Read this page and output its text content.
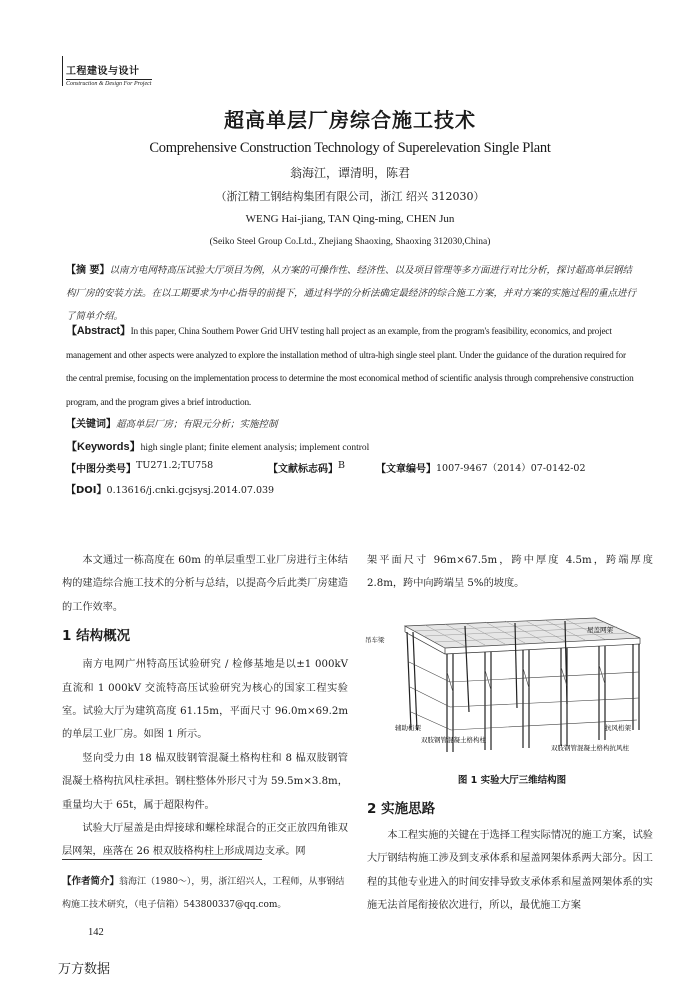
工程建设与设计
Construction & Design For Project
超高单层厂房综合施工技术
Comprehensive Construction Technology of Superelevation Single Plant
翁海江，谭清明，陈君
（浙江精工钢结构集团有限公司，浙江 绍兴 312030）
WENG Hai-jiang, TAN Qing-ming, CHEN Jun
(Seiko Steel Group Co.Ltd., Zhejiang Shaoxing, Shaoxing 312030,China)
【摘 要】以南方电网特高压试验大厅项目为例，从方案的可操作性、经济性、以及项目管理等多方面进行对比分析，探讨超高单层钢结构厂房的安装方法。在以工期要求为中心指导的前提下，通过科学的分析法确定最经济的综合施工方案，并对方案的实施过程的重点进行了简单介绍。
【Abstract】In this paper, China Southern Power Grid UHV testing hall project as an example, from the program's feasibility, economics, and project management and other aspects were analyzed to explore the installation method of ultra-high single steel plant. Under the guidance of the duration required for the central premise, focusing on the implementation process to determine the most economical method of scientific analysis through comprehensive construction program, and the program gives a brief introduction.
【关键词】超高单层厂房；有限元分析；实施控制
【Keywords】high single plant; finite element analysis; implement control
【中图分类号】 TU271.2;TU758	【文献标志码】 B	【文章编号】 1007-9467（2014）07-0142-02
【DOI】0.13616/j.cnki.gcjsysj.2014.07.039

本文通过一栋高度在 60m 的单层重型工业厂房进行主体结构的建造综合施工技术的分析与总结，以提高今后此类厂房建造的工作效率。

1 结构概况

南方电网广州特高压试验研究 / 检修基地是以±1 000kV 直流和 1 000kV 交流特高压试验研究为核心的国家工程实验室。试验大厅为建筑高度 61.15m，平面尺寸 96.0m×69.2m 的单层工业厂房。如图 1 所示。

竖向受力由 18 榀双肢钢管混凝土格构柱和 8 榀双肢钢管混凝土格构抗风柱承担。钢柱整体外形尺寸为 59.5m×3.8m，重量均大于 65t，属于超限构件。

试验大厅屋盖是由焊接球和螺栓球混合的正交正放四角锥双层网架，座落在 26 根双肢格构柱上形成周边支承。网

架平面尺寸 96m×67.5m，跨中厚度 4.5m，跨端厚度 2.8m，跨中向跨端呈 5%的坡度。

屋盖网架
吊车梁
抗风桁架
辅助桁架
双肢钢管混凝土格构柱
双肢钢管混凝土格构抗风柱
图 1 实验大厅三维结构图
2 实施思路

本工程实施的关键在于选择工程实际情况的施工方案，试验大厅钢结构施工涉及到支承体系和屋盖网架体系两大部分。因工程的其他专业进入的时间安排导致支承体系和屋盖网架体系的实施无法首尾衔接依次进行，所以，最优施工方案

【作者简介】翁海江（1980～），男，浙江绍兴人，工程师，从事钢结构施工技术研究，（电子信箱）543800337@qq.com。
142
万方数据
